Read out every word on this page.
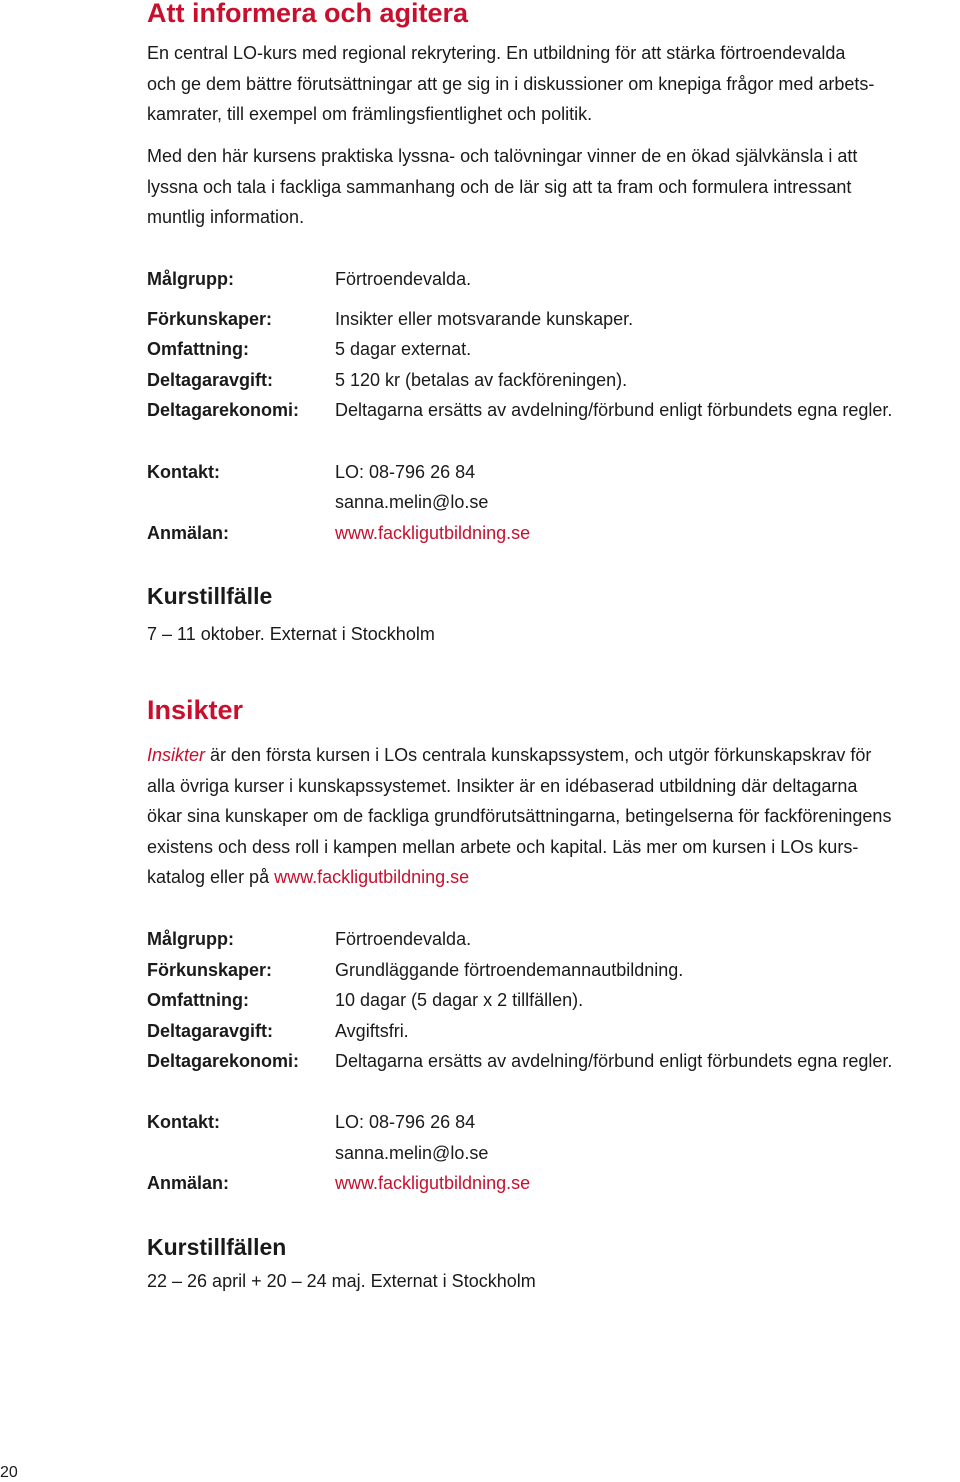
Att informera och agitera

En central LO-kurs med regional rekrytering. En utbildning för att stärka förtroendevalda

och ge dem bättre förutsättningar att ge sig in i diskussioner om knepiga frågor med arbets-

kamrater, till exempel om främlingsfientlighet och politik.

Med den här kursens praktiska lyssna- och talövningar vinner de en ökad självkänsla i att

lyssna och tala i fackliga sammanhang och de lär sig att ta fram och formulera intressant

muntlig information.

Målgrupp:	Förtroendevalda.
Förkunskaper:	Insikter eller motsvarande kunskaper.
Omfattning:	5 dagar externat.
Deltagaravgift:	5 120 kr (betalas av fackföreningen).
Deltagarekonomi: Deltagarna ersätts av avdelning/förbund enligt förbundets egna regler.
Kontakt:	LO: 08-796 26 84
sanna.melin@lo.se
Anmälan:	www.fackligutbildning.se
Kurstillfälle

7 – 11 oktober. Externat i Stockholm

Insikter

Insikter är den första kursen i LOs centrala kunskapssystem, och utgör förkunskapskrav för

alla övriga kurser i kunskapssystemet. Insikter är en idébaserad utbildning där deltagarna

ökar sina kunskaper om de fackliga grundförutsättningarna, betingelserna för fackföreningens

existens och dess roll i kampen mellan arbete och kapital. Läs mer om kursen i LOs kurs-

katalog eller på www.fackligutbildning.se

Målgrupp:	Förtroendevalda.
Förkunskaper:	Grundläggande förtroendemannautbildning.
Omfattning:	10 dagar (5 dagar x 2 tillfällen).
Deltagaravgift:	Avgiftsfri.
Deltagarekonomi: Deltagarna ersätts av avdelning/förbund enligt förbundets egna regler.
Kontakt:	LO: 08-796 26 84
sanna.melin@lo.se
Anmälan:	www.fackligutbildning.se
Kurstillfällen

22 – 26 april + 20 – 24 maj. Externat i Stockholm

20
